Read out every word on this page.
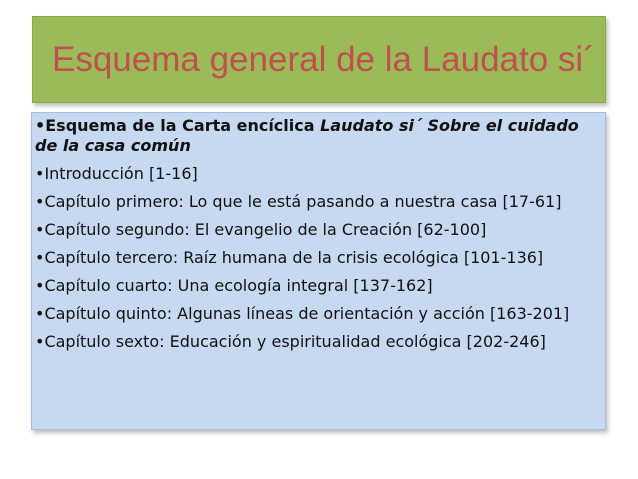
Esquema general de la Laudato si´
•Esquema de la Carta encíclica Laudato si´ Sobre el cuidado de la casa común
•Introducción [1-16]
•Capítulo primero: Lo que le está pasando a nuestra casa [17-61]
•Capítulo segundo: El evangelio de la Creación [62-100]
•Capítulo tercero: Raíz humana de la crisis ecológica [101-136]
•Capítulo cuarto: Una ecología integral [137-162]
•Capítulo quinto: Algunas líneas de orientación y acción [163-201]
•Capítulo sexto: Educación y espiritualidad ecológica [202-246]
